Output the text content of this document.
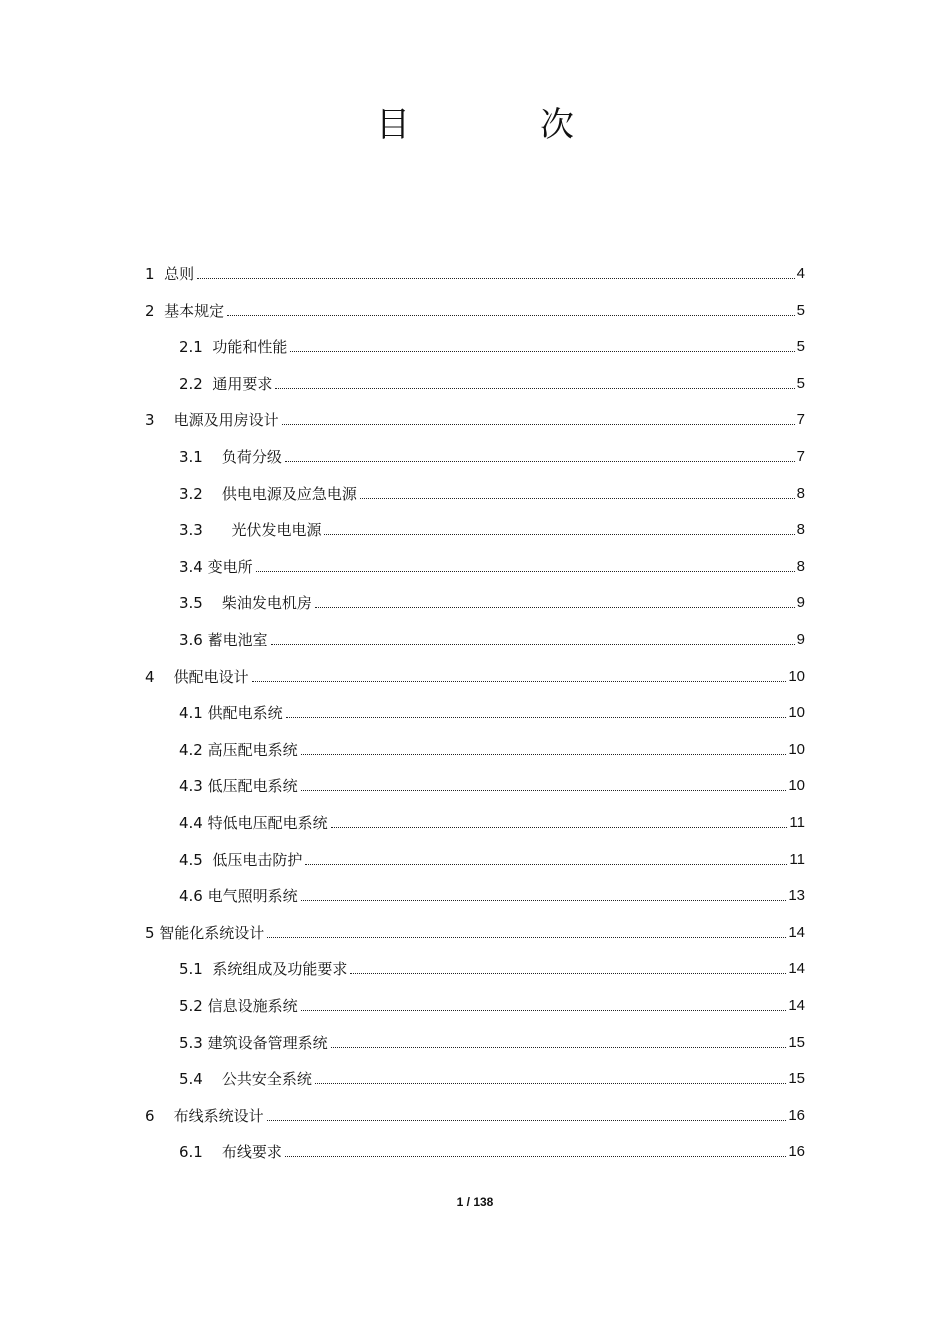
目　次
1  总则	4
2  基本规定	5
2.1  功能和性能	5
2.2  通用要求	5
3    电源及用房设计	7
3.1    负荷分级	7
3.2    供电电源及应急电源	8
3.3      光伏发电电源	8
3.4 变电所	8
3.5    柴油发电机房	9
3.6 蓄电池室	9
4    供配电设计	10
4.1 供配电系统	10
4.2 高压配电系统	10
4.3 低压配电系统	10
4.4 特低电压配电系统	11
4.5  低压电击防护	11
4.6 电气照明系统	13
5 智能化系统设计	14
5.1  系统组成及功能要求	14
5.2 信息设施系统	14
5.3 建筑设备管理系统	15
5.4    公共安全系统	15
6    布线系统设计	16
6.1    布线要求	16
1 / 138
